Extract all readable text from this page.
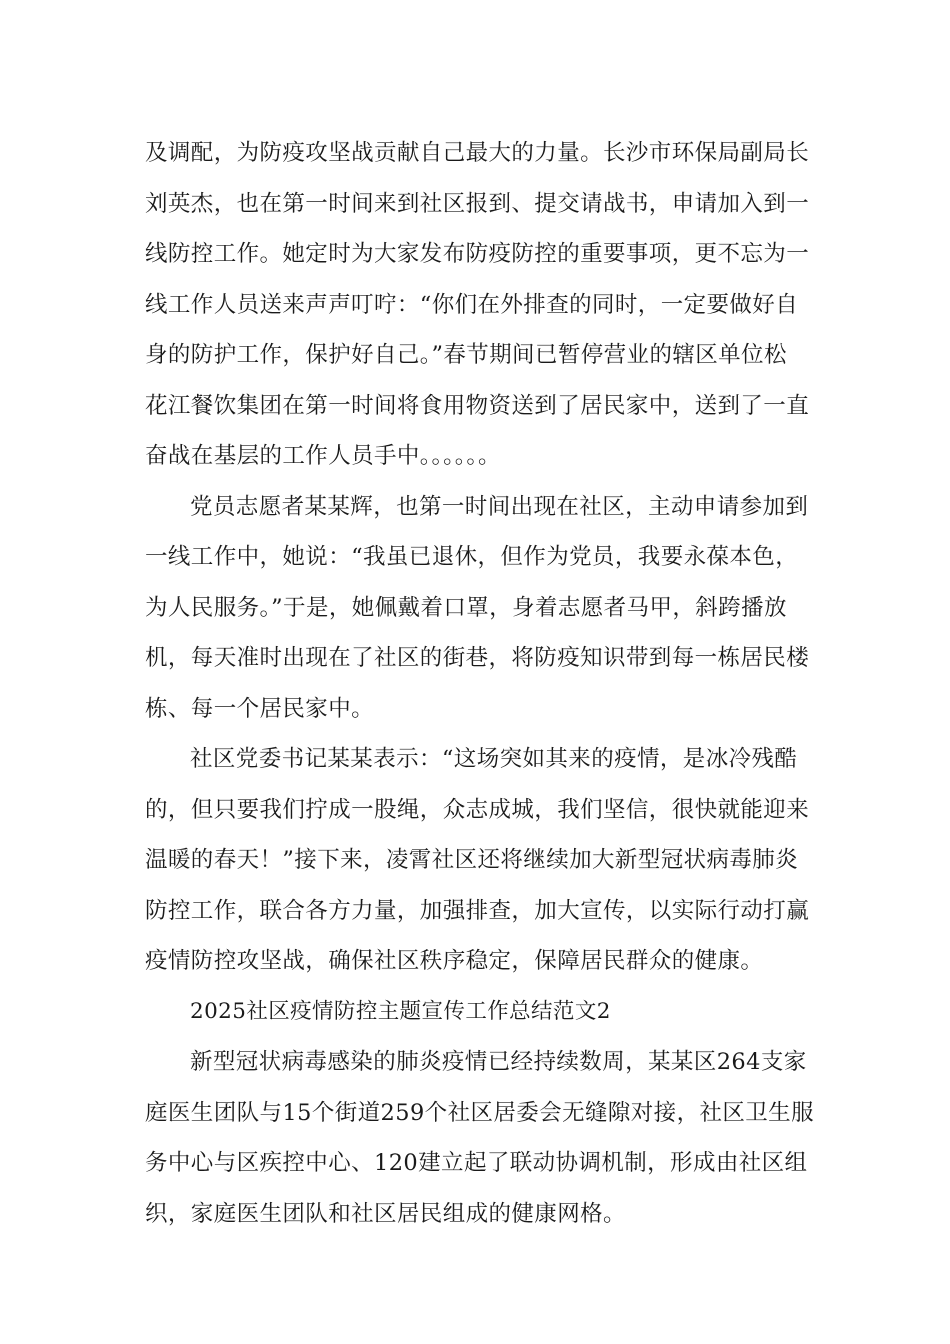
及调配，为防疫攻坚战贡献自己最大的力量。长沙市环保局副局长
刘英杰，也在第一时间来到社区报到、提交请战书，申请加入到一
线防控工作。她定时为大家发布防疫防控的重要事项，更不忘为一
线工作人员送来声声叮咛：“你们在外排查的同时，一定要做好自
身的防护工作，保护好自己。”春节期间已暂停营业的辖区单位松
花江餐饮集团在第一时间将食用物资送到了居民家中，送到了一直
奋战在基层的工作人员手中。。。。。。
党员志愿者某某辉，也第一时间出现在社区，主动申请参加到
一线工作中，她说：“我虽已退休，但作为党员，我要永葆本色，
为人民服务。”于是，她佩戴着口罩，身着志愿者马甲，斜跨播放
机，每天准时出现在了社区的街巷，将防疫知识带到每一栋居民楼
栋、每一个居民家中。
社区党委书记某某表示：“这场突如其来的疫情，是冰冷残酷
的，但只要我们拧成一股绳，众志成城，我们坚信，很快就能迎来
温暖的春天！”接下来，凌霄社区还将继续加大新型冠状病毒肺炎
防控工作，联合各方力量，加强排查，加大宣传，以实际行动打赢
疫情防控攻坚战，确保社区秩序稳定，保障居民群众的健康。
2025社区疫情防控主题宣传工作总结范文2
新型冠状病毒感染的肺炎疫情已经持续数周，某某区264支家
庭医生团队与15个街道259个社区居委会无缝隙对接，社区卫生服
务中心与区疾控中心、120建立起了联动协调机制，形成由社区组
织，家庭医生团队和社区居民组成的健康网格。
